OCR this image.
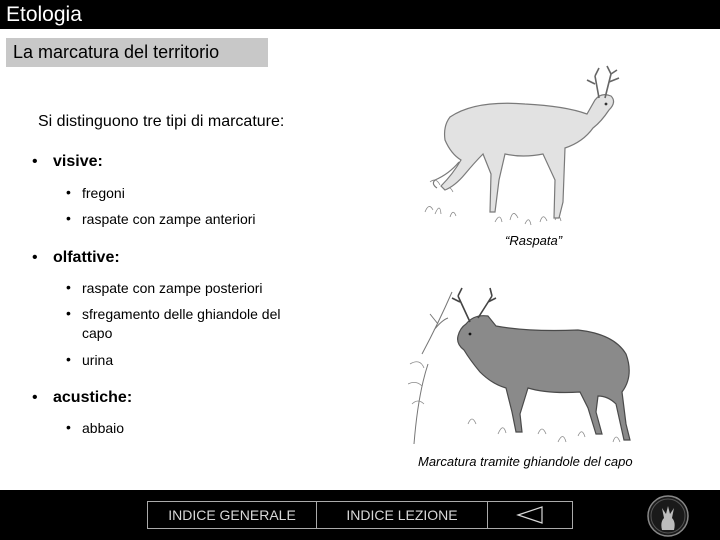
Etologia
La marcatura del territorio
Si distinguono tre tipi di marcature:
• visive:
• fregoni
• raspate con zampe anteriori
• olfattive:
• raspate con zampe posteriori
• sfregamento delle ghiandole del
capo
• urina
• acustiche:
• abbaio
“Raspata”
Marcatura tramite ghiandole del capo
INDICE GENERALE	INDICE LEZIONE
